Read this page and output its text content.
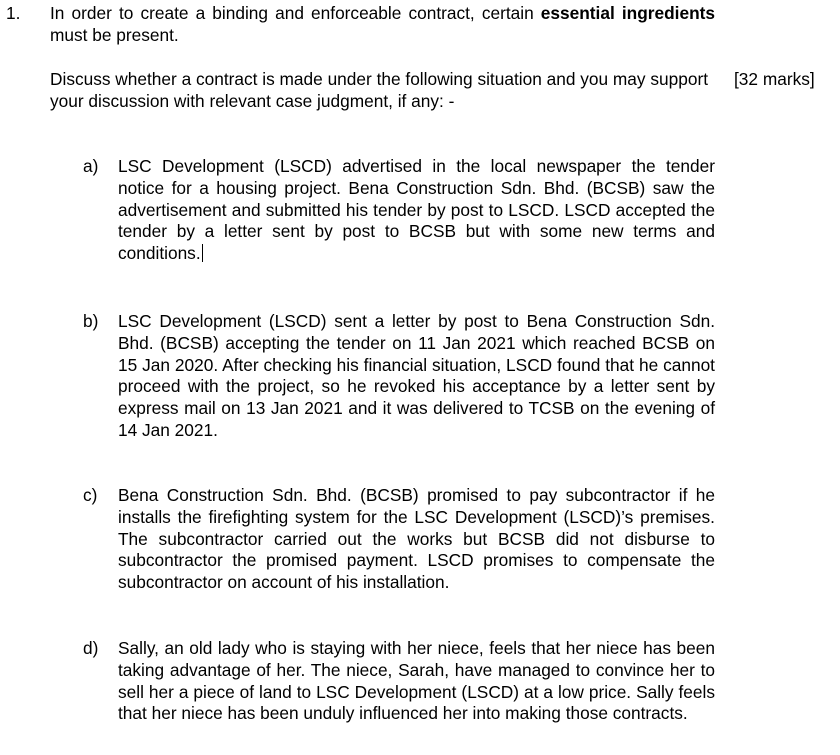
1. In order to create a binding and enforceable contract, certain essential ingredients must be present.
Discuss whether a contract is made under the following situation and you may support your discussion with relevant case judgment, if any: -
[32 marks]
a) LSC Development (LSCD) advertised in the local newspaper the tender notice for a housing project. Bena Construction Sdn. Bhd. (BCSB) saw the advertisement and submitted his tender by post to LSCD. LSCD accepted the tender by a letter sent by post to BCSB but with some new terms and conditions.
b) LSC Development (LSCD) sent a letter by post to Bena Construction Sdn. Bhd. (BCSB) accepting the tender on 11 Jan 2021 which reached BCSB on 15 Jan 2020. After checking his financial situation, LSCD found that he cannot proceed with the project, so he revoked his acceptance by a letter sent by express mail on 13 Jan 2021 and it was delivered to TCSB on the evening of 14 Jan 2021.
c) Bena Construction Sdn. Bhd. (BCSB) promised to pay subcontractor if he installs the firefighting system for the LSC Development (LSCD)’s premises. The subcontractor carried out the works but BCSB did not disburse to subcontractor the promised payment. LSCD promises to compensate the subcontractor on account of his installation.
d) Sally, an old lady who is staying with her niece, feels that her niece has been taking advantage of her. The niece, Sarah, have managed to convince her to sell her a piece of land to LSC Development (LSCD) at a low price. Sally feels that her niece has been unduly influenced her into making those contracts.
